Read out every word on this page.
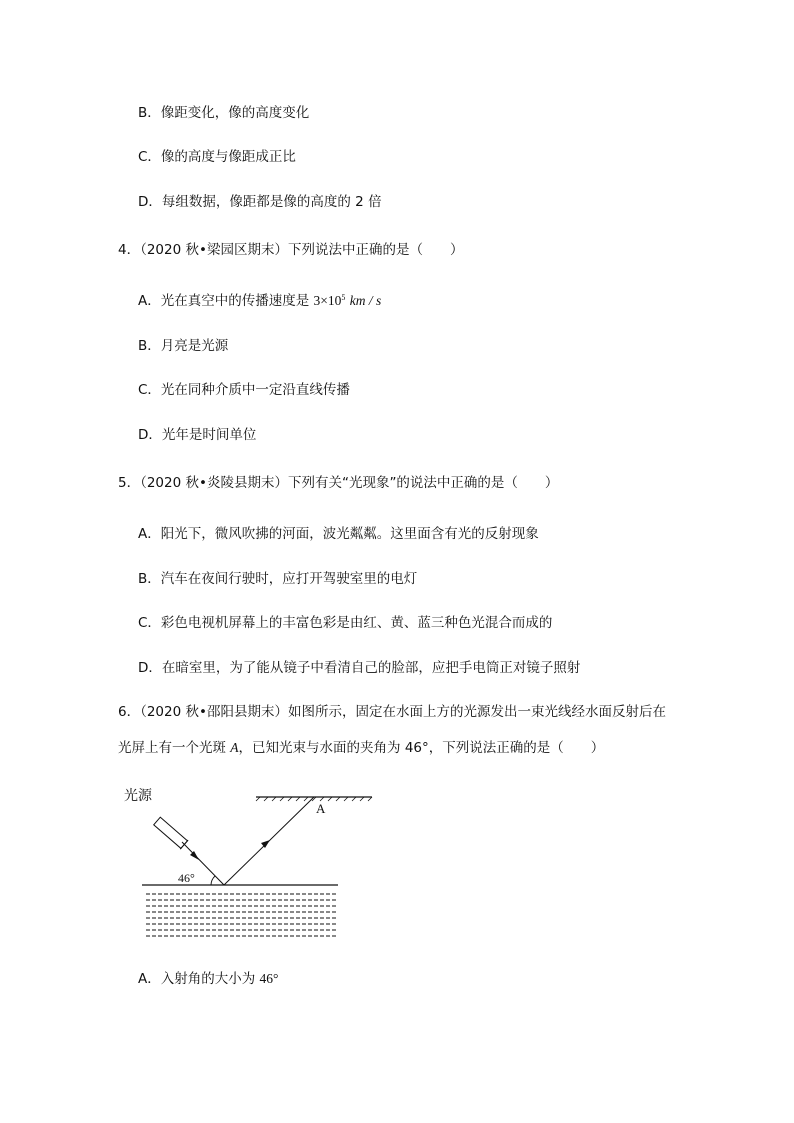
B．像距变化，像的高度变化
C．像的高度与像距成正比
D．每组数据，像距都是像的高度的 2 倍
4．（2020 秋•梁园区期末）下列说法中正确的是（　　）
A．光在真空中的传播速度是 $3\times 10^5$ km / s
B．月亮是光源
C．光在同种介质中一定沿直线传播
D．光年是时间单位
5．（2020 秋•炎陵县期末）下列有关“光现象”的说法中正确的是（　　）
A．阳光下，微风吹拂的河面，波光粼粼。这里面含有光的反射现象
B．汽车在夜间行驶时，应打开驾驶室里的电灯
C．彩色电视机屏幕上的丰富色彩是由红、黄、蓝三种色光混合而成的
D．在暗室里，为了能从镜子中看清自己的脸部，应把手电筒正对镜子照射
6．（2020 秋•邵阳县期末）如图所示，固定在水面上方的光源发出一束光线经水面反射后在
光屏上有一个光斑 A，已知光束与水面的夹角为 46°，下列说法正确的是（　　）
光源
A
46°
A．入射角的大小为 46°
